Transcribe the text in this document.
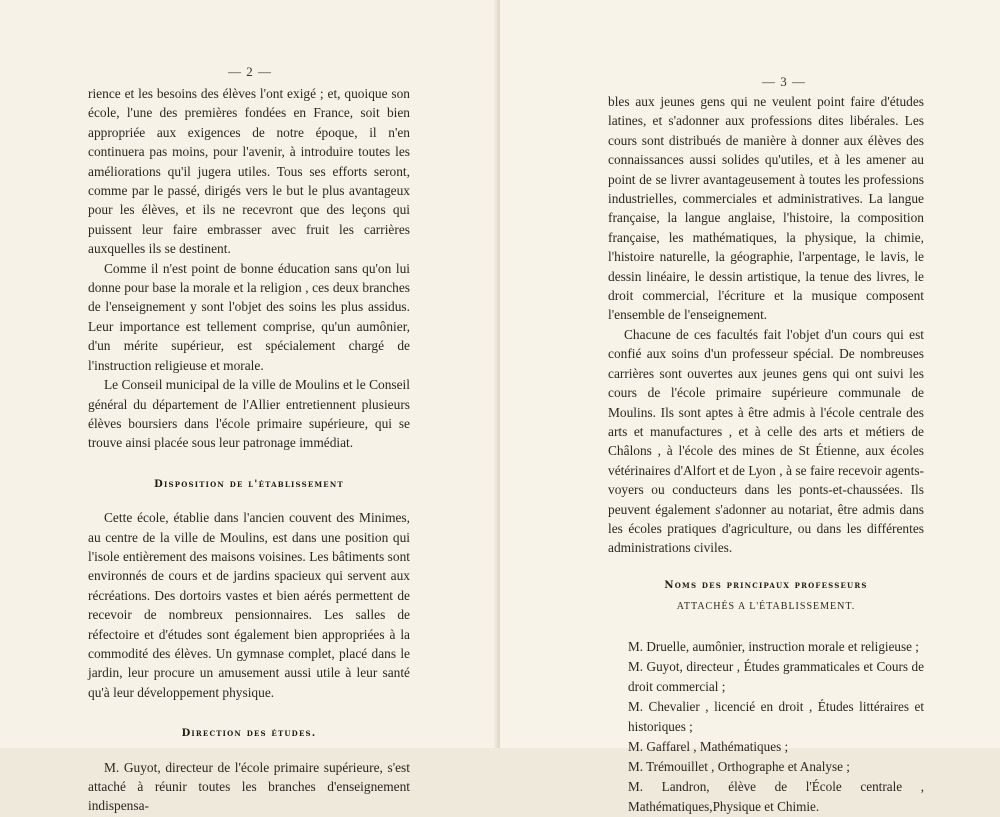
— 2 —

rience et les besoins des élèves l'ont exigé ; et, quoique son école, l'une des premières fondées en France, soit bien appropriée aux exigences de notre époque, il n'en continuera pas moins, pour l'avenir, à introduire toutes les améliorations qu'il jugera utiles. Tous ses efforts seront, comme par le passé, dirigés vers le but le plus avantageux pour les élèves, et ils ne recevront que des leçons qui puissent leur faire embrasser avec fruit les carrières auxquelles ils se destinent.

Comme il n'est point de bonne éducation sans qu'on lui donne pour base la morale et la religion , ces deux branches de l'enseignement y sont l'objet des soins les plus assidus. Leur importance est tellement comprise, qu'un aumônier, d'un mérite supérieur, est spécialement chargé de l'instruction religieuse et morale.

Le Conseil municipal de la ville de Moulins et le Conseil général du département de l'Allier entretiennent plusieurs élèves boursiers dans l'école primaire supérieure, qui se trouve ainsi placée sous leur patronage immédiat.

Disposition de l'établissement

Cette école, établie dans l'ancien couvent des Minimes, au centre de la ville de Moulins, est dans une position qui l'isole entièrement des maisons voisines. Les bâtiments sont environnés de cours et de jardins spacieux qui servent aux récréations. Des dortoirs vastes et bien aérés permettent de recevoir de nombreux pensionnaires. Les salles de réfectoire et d'études sont également bien appropriées à la commodité des élèves. Un gymnase complet, placé dans le jardin, leur procure un amusement aussi utile à leur santé qu'à leur développement physique.

Direction des études.

M. Guyot, directeur de l'école primaire supérieure, s'est attaché à réunir toutes les branches d'enseignement indispensa-

— 3 —

bles aux jeunes gens qui ne veulent point faire d'études latines, et s'adonner aux professions dites libérales. Les cours sont distribués de manière à donner aux élèves des connaissances aussi solides qu'utiles, et à les amener au point de se livrer avantageusement à toutes les professions industrielles, commerciales et administratives. La langue française, la langue anglaise, l'histoire, la composition française, les mathématiques, la physique, la chimie, l'histoire naturelle, la géographie, l'arpentage, le lavis, le dessin linéaire, le dessin artistique, la tenue des livres, le droit commercial, l'écriture et la musique composent l'ensemble de l'enseignement.

Chacune de ces facultés fait l'objet d'un cours qui est confié aux soins d'un professeur spécial. De nombreuses carrières sont ouvertes aux jeunes gens qui ont suivi les cours de l'école primaire supérieure communale de Moulins. Ils sont aptes à être admis à l'école centrale des arts et manufactures , et à celle des arts et métiers de Châlons , à l'école des mines de St Étienne, aux écoles vétérinaires d'Alfort et de Lyon , à se faire recevoir agents-voyers ou conducteurs dans les ponts-et-chaussées. Ils peuvent également s'adonner au notariat, être admis dans les écoles pratiques d'agriculture, ou dans les différentes administrations civiles.

Noms des principaux professeurs
ATTACHÉS A L'ÉTABLISSEMENT.
M. Druelle, aumônier, instruction morale et religieuse ;
M. Guyot, directeur , Études grammaticales et Cours de droit commercial ;
M. Chevalier , licencié en droit , Études littéraires et historiques ;
M. Gaffarel , Mathématiques ;
M. Trémouillet , Orthographe et Analyse ;
M. Landron, élève de l'École centrale , Mathématiques,Physique et Chimie.
